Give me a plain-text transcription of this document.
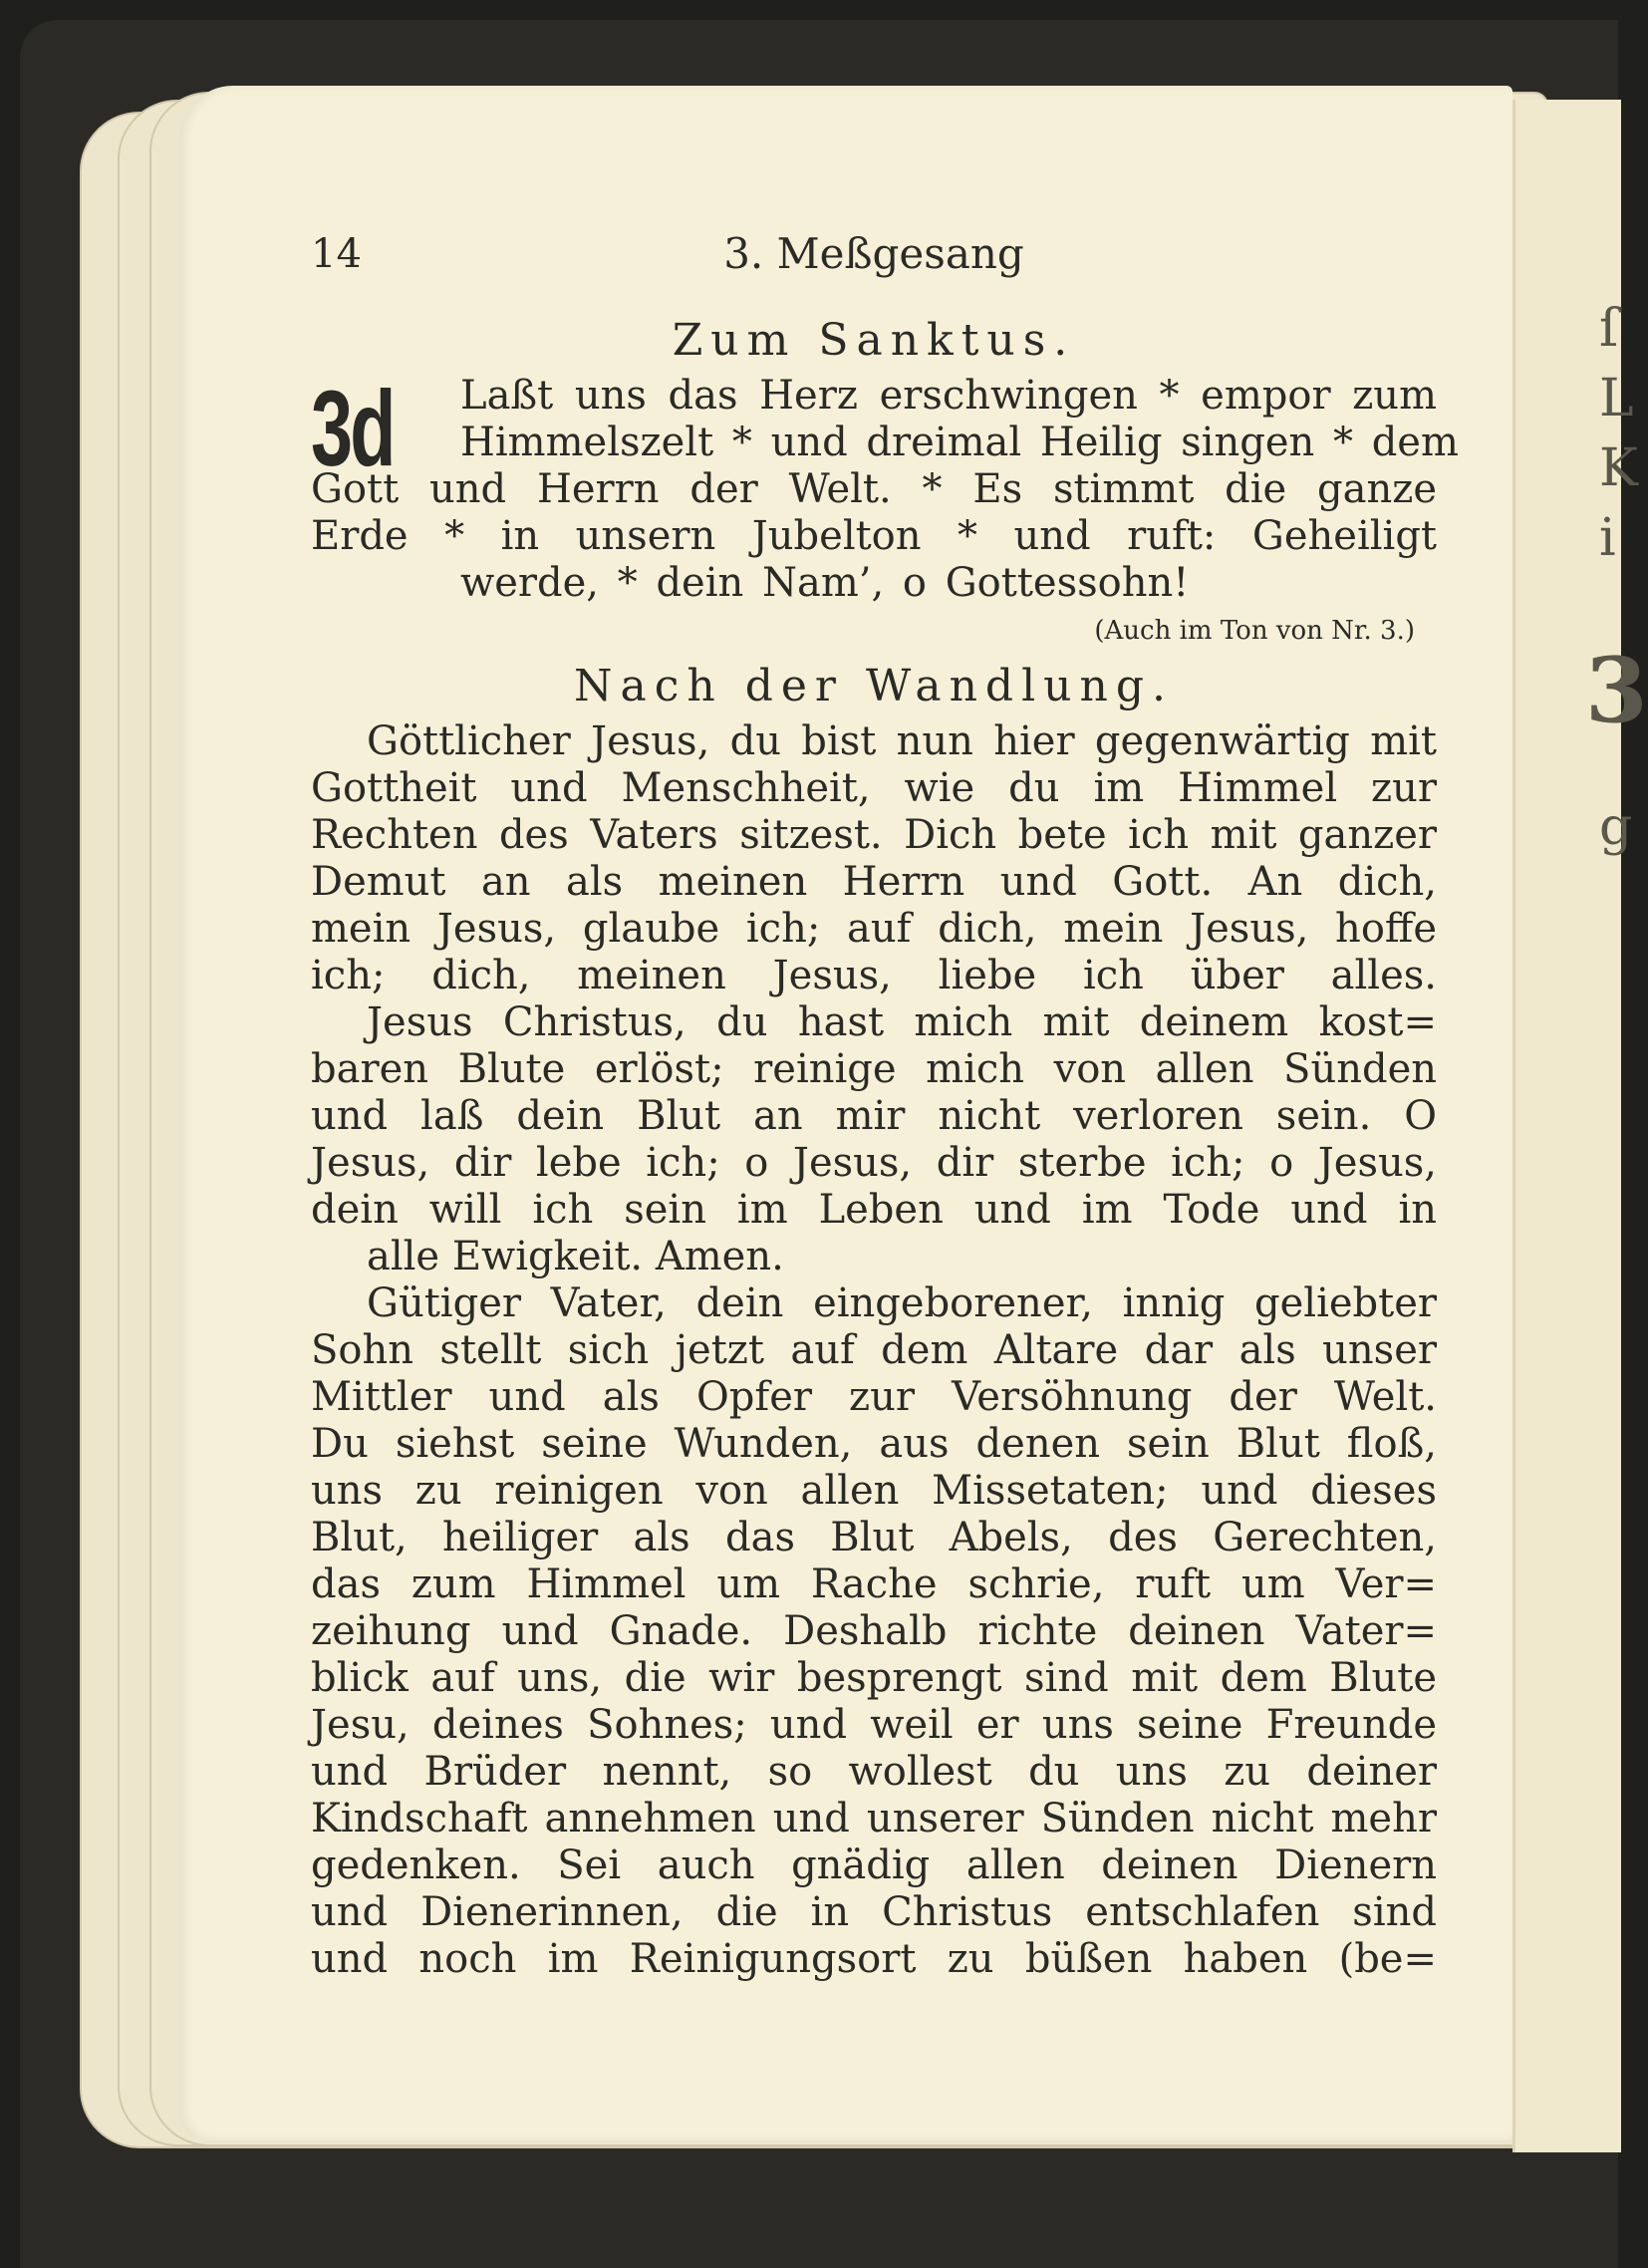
ſ
L
K
i
3
g
14	3. Meßgesang
Zum Sanktus.
3d	Laßt uns das Herz erschwingen * empor zum
Himmelszelt * und dreimal Heilig singen * dem
Gott und Herrn der Welt. * Es stimmt die ganze
Erde * in unsern Jubelton * und ruft: Geheiligt
werde, * dein Nam’, o Gottessohn!

(Auch im Ton von Nr. 3.)
Nach der Wandlung.

Göttlicher Jesus, du bist nun hier gegenwärtig mit
Gottheit und Menschheit, wie du im Himmel zur
Rechten des Vaters sitzest. Dich bete ich mit ganzer
Demut an als meinen Herrn und Gott. An dich,
mein Jesus, glaube ich; auf dich, mein Jesus, hoffe
ich; dich, meinen Jesus, liebe ich über alles.

Jesus Christus, du hast mich mit deinem kost=
baren Blute erlöst; reinige mich von allen Sünden
und laß dein Blut an mir nicht verloren sein. O
Jesus, dir lebe ich; o Jesus, dir sterbe ich; o Jesus,
dein will ich sein im Leben und im Tode und in
alle Ewigkeit. Amen.

Gütiger Vater, dein eingeborener, innig geliebter
Sohn stellt sich jetzt auf dem Altare dar als unser
Mittler und als Opfer zur Versöhnung der Welt.
Du siehst seine Wunden, aus denen sein Blut floß,
uns zu reinigen von allen Missetaten; und dieses
Blut, heiliger als das Blut Abels, des Gerechten,
das zum Himmel um Rache schrie, ruft um Ver=
zeihung und Gnade. Deshalb richte deinen Vater=
blick auf uns, die wir besprengt sind mit dem Blute
Jesu, deines Sohnes; und weil er uns seine Freunde
und Brüder nennt, so wollest du uns zu deiner
Kindschaft annehmen und unserer Sünden nicht mehr
gedenken. Sei auch gnädig allen deinen Dienern
und Dienerinnen, die in Christus entschlafen sind
und noch im Reinigungsort zu büßen haben (be=
